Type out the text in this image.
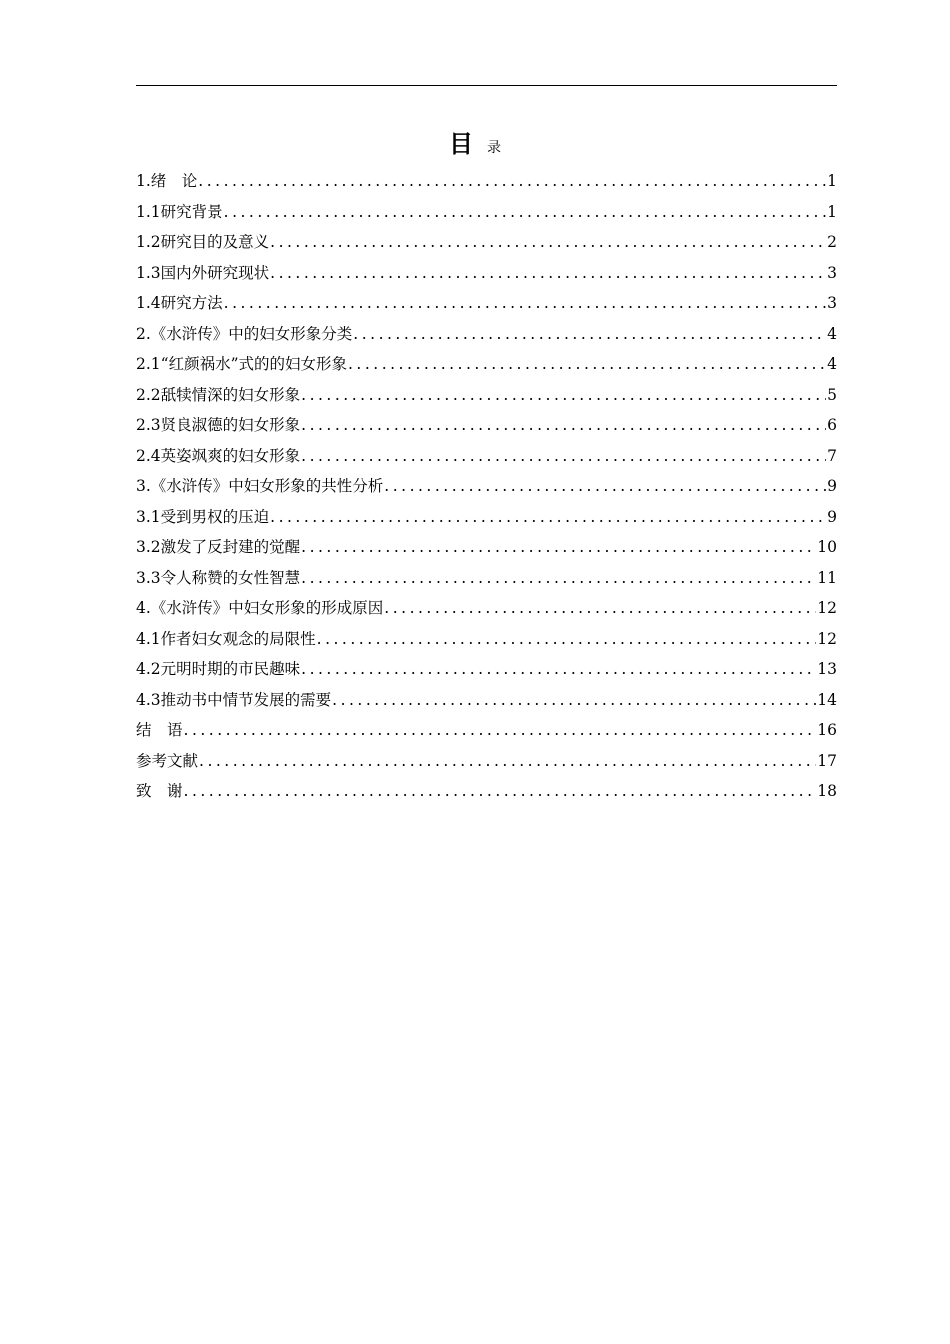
目 录
1.绪　论 .....	1
1.1研究背景 .....	1
1.2研究目的及意义 .....	2
1.3国内外研究现状 .....	3
1.4研究方法 .....	3
2.《水浒传》中的妇女形象分类 .....	4
2.1“红颜祸水”式的的妇女形象 .....	4
2.2舐犊情深的妇女形象 .....	5
2.3贤良淑德的妇女形象 .....	6
2.4英姿飒爽的妇女形象 .....	7
3.《水浒传》中妇女形象的共性分析 .....	9
3.1受到男权的压迫 .....	9
3.2激发了反封建的觉醒 .....	10
3.3令人称赞的女性智慧 .....	11
4.《水浒传》中妇女形象的形成原因 .....	12
4.1作者妇女观念的局限性 .....	12
4.2元明时期的市民趣味 .....	13
4.3推动书中情节发展的需要 .....	14
结　语 .....	16
参考文献 .....	17
致　谢 .....	18
